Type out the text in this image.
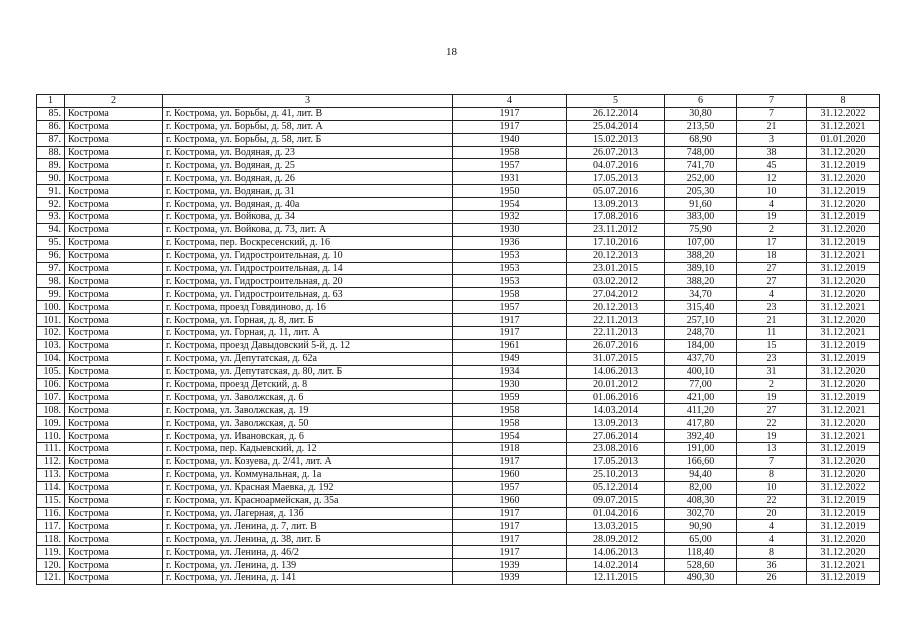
18
1	2	3	4	5	6	7	8
85.	Кострома	г. Кострома, ул. Борьбы, д. 41, лит. В	1917	26.12.2014	30,80	7	31.12.2022
86.	Кострома	г. Кострома, ул. Борьбы, д. 58, лит. А	1917	25.04.2014	213,50	21	31.12.2021
87.	Кострома	г. Кострома, ул. Борьбы, д. 58, лит. Б	1940	15.02.2013	68,90	3	01.01.2020
88.	Кострома	г. Кострома, ул. Водяная, д. 23	1958	26.07.2013	748,00	38	31.12.2020
89.	Кострома	г. Кострома, ул. Водяная, д. 25	1957	04.07.2016	741,70	45	31.12.2019
90.	Кострома	г. Кострома, ул. Водяная, д. 26	1931	17.05.2013	252,00	12	31.12.2020
91.	Кострома	г. Кострома, ул. Водяная, д. 31	1950	05.07.2016	205,30	10	31.12.2019
92.	Кострома	г. Кострома, ул. Водяная, д. 40а	1954	13.09.2013	91,60	4	31.12.2020
93.	Кострома	г. Кострома, ул. Войкова, д. 34	1932	17.08.2016	383,00	19	31.12.2019
94.	Кострома	г. Кострома, ул. Войкова, д. 73, лит. А	1930	23.11.2012	75,90	2	31.12.2020
95.	Кострома	г. Кострома, пер. Воскресенский, д. 16	1936	17.10.2016	107,00	17	31.12.2019
96.	Кострома	г. Кострома, ул. Гидростроительная, д. 10	1953	20.12.2013	388,20	18	31.12.2021
97.	Кострома	г. Кострома, ул. Гидростроительная, д. 14	1953	23.01.2015	389,10	27	31.12.2019
98.	Кострома	г. Кострома, ул. Гидростроительная, д. 20	1953	03.02.2012	388,20	27	31.12.2020
99.	Кострома	г. Кострома, ул. Гидростроительная, д. 63	1958	27.04.2012	34,70	4	31.12.2020
100.	Кострома	г. Кострома, проезд Говядиново, д. 16	1957	20.12.2013	315,40	23	31.12.2021
101.	Кострома	г. Кострома, ул. Горная, д. 8, лит. Б	1917	22.11.2013	257,10	21	31.12.2020
102.	Кострома	г. Кострома, ул. Горная, д. 11, лит. А	1917	22.11.2013	248,70	11	31.12.2021
103.	Кострома	г. Кострома, проезд Давыдовский 5-й, д. 12	1961	26.07.2016	184,00	15	31.12.2019
104.	Кострома	г. Кострома, ул. Депутатская, д. 62а	1949	31.07.2015	437,70	23	31.12.2019
105.	Кострома	г. Кострома, ул. Депутатская, д. 80, лит. Б	1934	14.06.2013	400,10	31	31.12.2020
106.	Кострома	г. Кострома, проезд Детский, д. 8	1930	20.01.2012	77,00	2	31.12.2020
107.	Кострома	г. Кострома, ул. Заволжская, д. 6	1959	01.06.2016	421,00	19	31.12.2019
108.	Кострома	г. Кострома, ул. Заволжская, д. 19	1958	14.03.2014	411,20	27	31.12.2021
109.	Кострома	г. Кострома, ул. Заволжская, д. 50	1958	13.09.2013	417,80	22	31.12.2020
110.	Кострома	г. Кострома, ул. Ивановская, д. 6	1954	27.06.2014	392,40	19	31.12.2021
111.	Кострома	г. Кострома, пер. Кадыевский, д. 12	1918	23.08.2016	191,00	13	31.12.2019
112.	Кострома	г. Кострома, ул. Козуева, д. 2/41, лит. А	1917	17.05.2013	166,60	7	31.12.2020
113.	Кострома	г. Кострома, ул. Коммунальная, д. 1а	1960	25.10.2013	94,40	8	31.12.2020
114.	Кострома	г. Кострома, ул. Красная Маевка, д. 192	1957	05.12.2014	82,00	10	31.12.2022
115.	Кострома	г. Кострома, ул. Красноармейская, д. 35а	1960	09.07.2015	408,30	22	31.12.2019
116.	Кострома	г. Кострома, ул. Лагерная, д. 13б	1917	01.04.2016	302,70	20	31.12.2019
117.	Кострома	г. Кострома, ул. Ленина, д. 7, лит. В	1917	13.03.2015	90,90	4	31.12.2019
118.	Кострома	г. Кострома, ул. Ленина, д. 38, лит. Б	1917	28.09.2012	65,00	4	31.12.2020
119.	Кострома	г. Кострома, ул. Ленина, д. 46/2	1917	14.06.2013	118,40	8	31.12.2020
120.	Кострома	г. Кострома, ул. Ленина, д. 139	1939	14.02.2014	528,60	36	31.12.2021
121.	Кострома	г. Кострома, ул. Ленина, д. 141	1939	12.11.2015	490,30	26	31.12.2019
